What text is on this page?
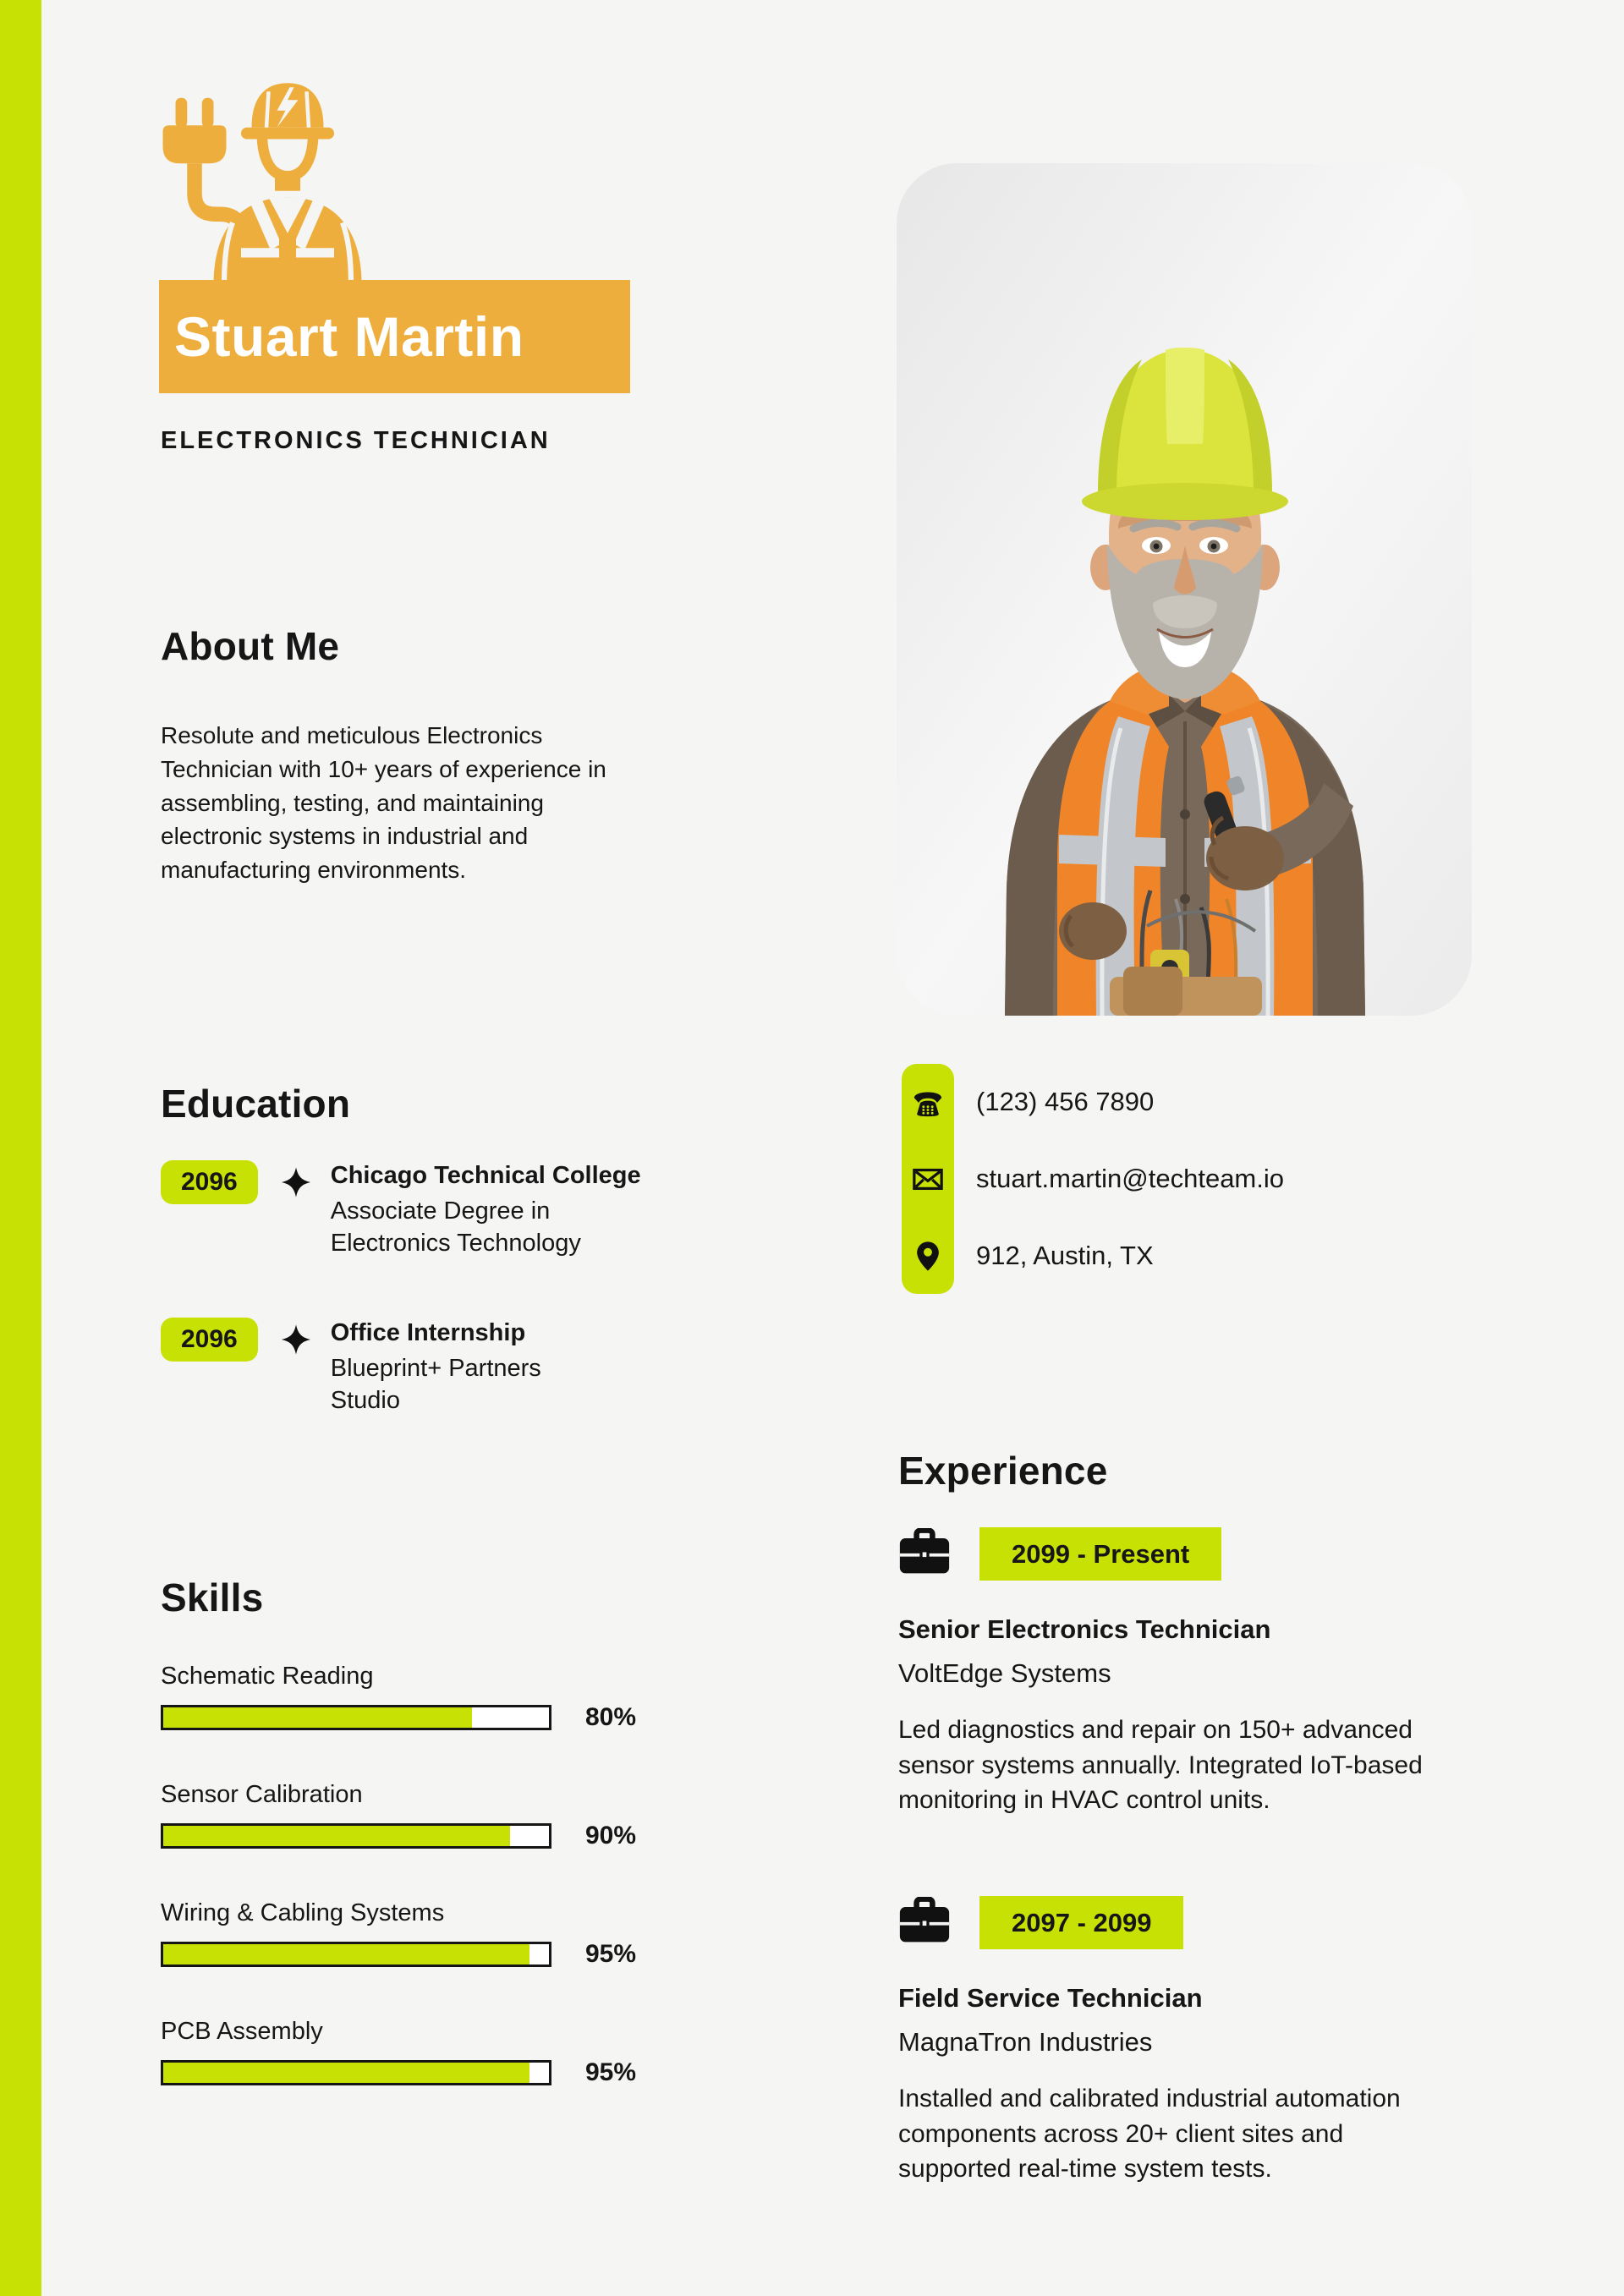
Stuart Martin
ELECTRONICS TECHNICIAN
About Me

Resolute and meticulous Electronics Technician with 10+ years of experience in assembling, testing, and maintaining electronic systems in industrial and manufacturing environments.

Education
2096	Chicago Technical College
Associate Degree in Electronics Technology
2096	Office Internship
Blueprint+ Partners Studio
Skills
Schematic Reading
80%
Sensor Calibration
90%
Wiring & Cabling Systems
95%
PCB Assembly
95%
(123) 456 7890
stuart.martin@techteam.io
912, Austin, TX
Experience
2099 - Present
Senior Electronics Technician
VoltEdge Systems
Led diagnostics and repair on 150+ advanced sensor systems annually. Integrated IoT-based monitoring in HVAC control units.
2097 - 2099
Field Service Technician
MagnaTron Industries
Installed and calibrated industrial automation components across 20+ client sites and supported real-time system tests.
